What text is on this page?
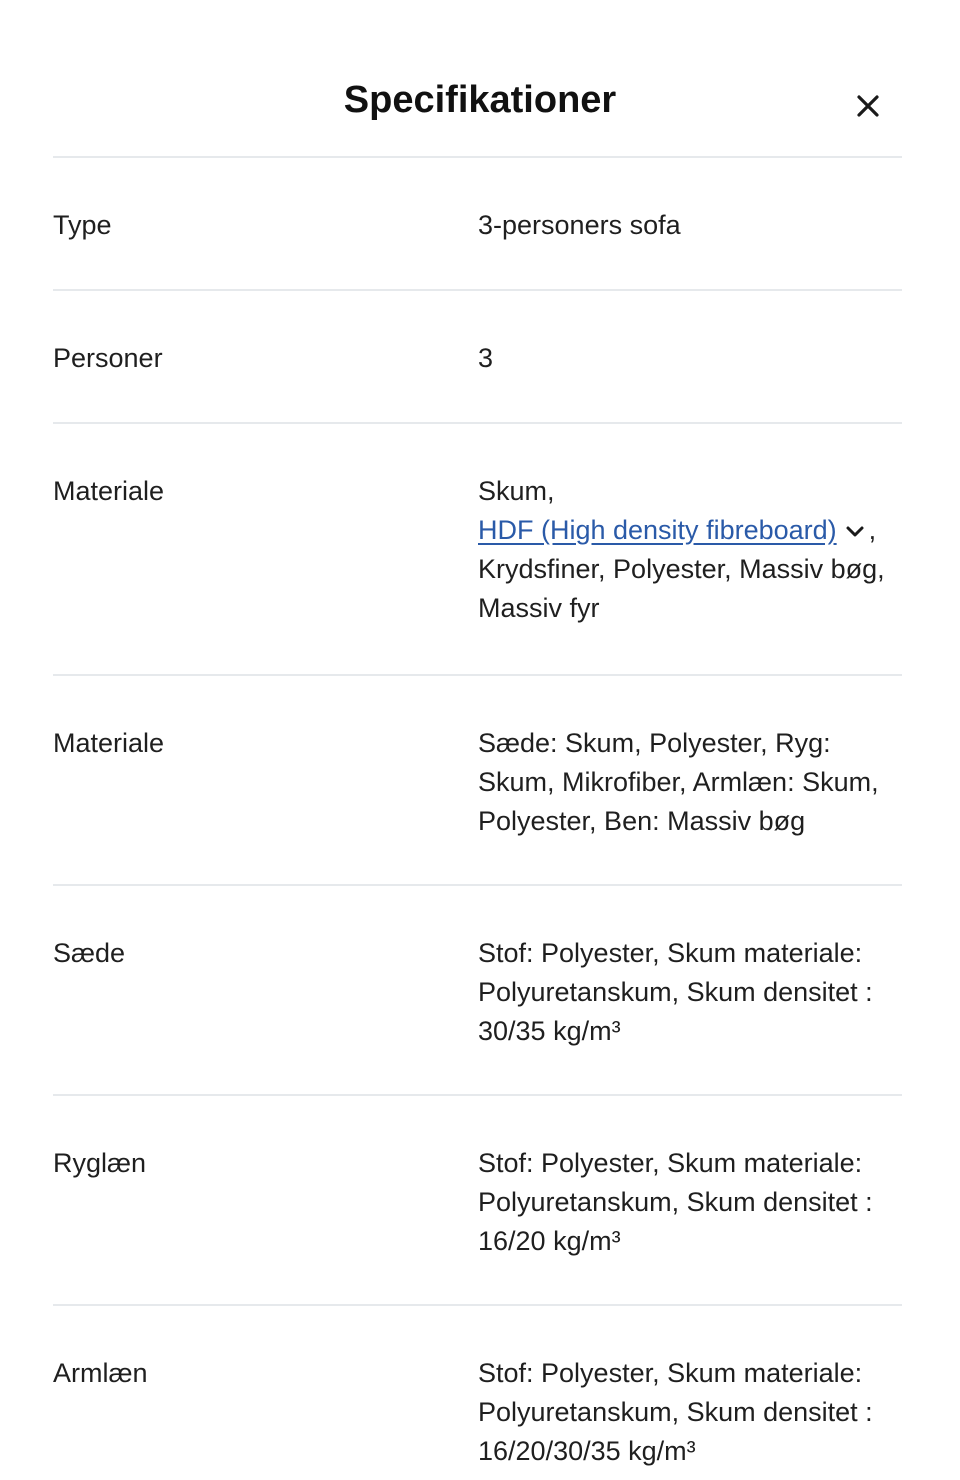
Specifikationer
Type	3-personers sofa
Personer	3
Materiale	Skum,
HDF (High density fibreboard) ,
Krydsfiner, Polyester, Massiv bøg,
Massiv fyr
Materiale	Sæde: Skum, Polyester, Ryg:
Skum, Mikrofiber, Armlæn: Skum,
Polyester, Ben: Massiv bøg
Sæde	Stof: Polyester, Skum materiale:
Polyuretanskum, Skum densitet :
30/35 kg/m³
Ryglæn	Stof: Polyester, Skum materiale:
Polyuretanskum, Skum densitet :
16/20 kg/m³
Armlæn	Stof: Polyester, Skum materiale:
Polyuretanskum, Skum densitet :
16/20/30/35 kg/m³
